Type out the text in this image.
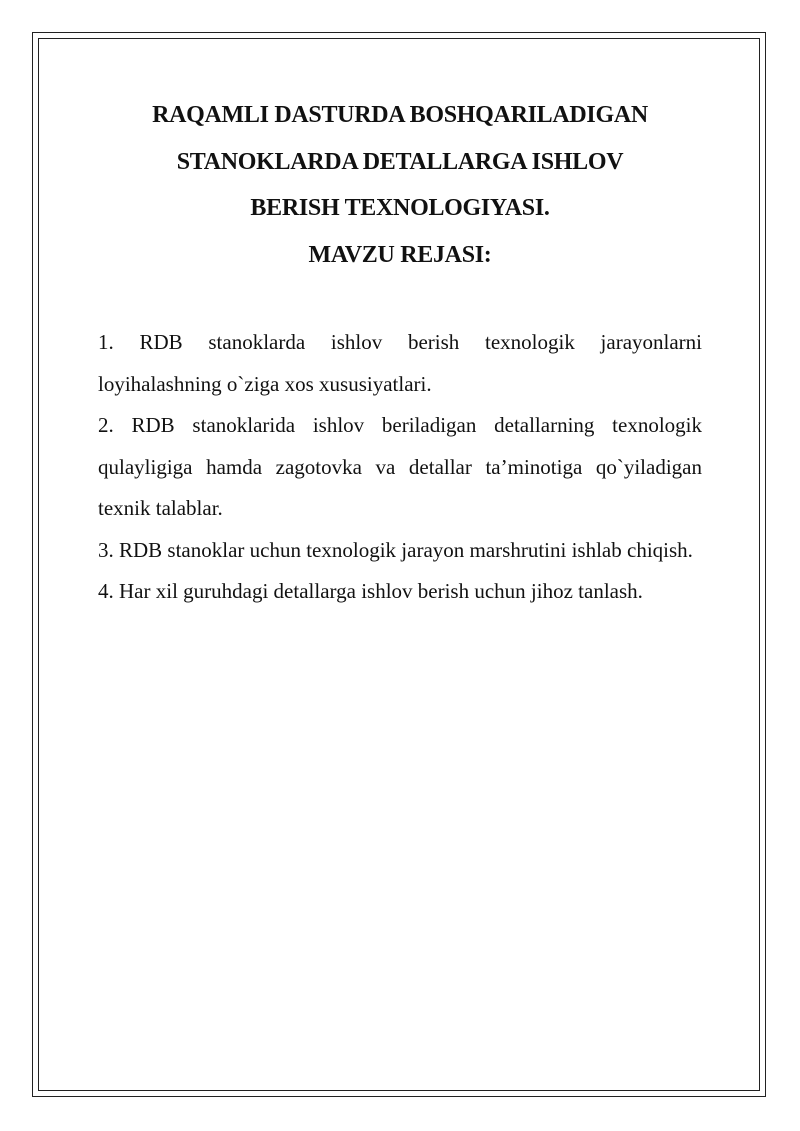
RAQAMLI DASTURDA BOSHQARILADIGAN
STANOKLARDA DETALLARGA ISHLOV
BERISH TEXNOLOGIYASI.
MAVZU REJASI:

1. RDB stanoklarda ishlov berish texnologik jarayonlarni loyihalashning o`ziga xos xususiyatlari.

2. RDB stanoklarida ishlov beriladigan detallarning texnologik qulayligiga hamda zagotovka va detallar ta’minotiga qo`yiladigan texnik talablar.

3. RDB stanoklar uchun texnologik jarayon marshrutini ishlab chiqish.

4. Har xil guruhdagi detallarga ishlov berish uchun jihoz tanlash.
